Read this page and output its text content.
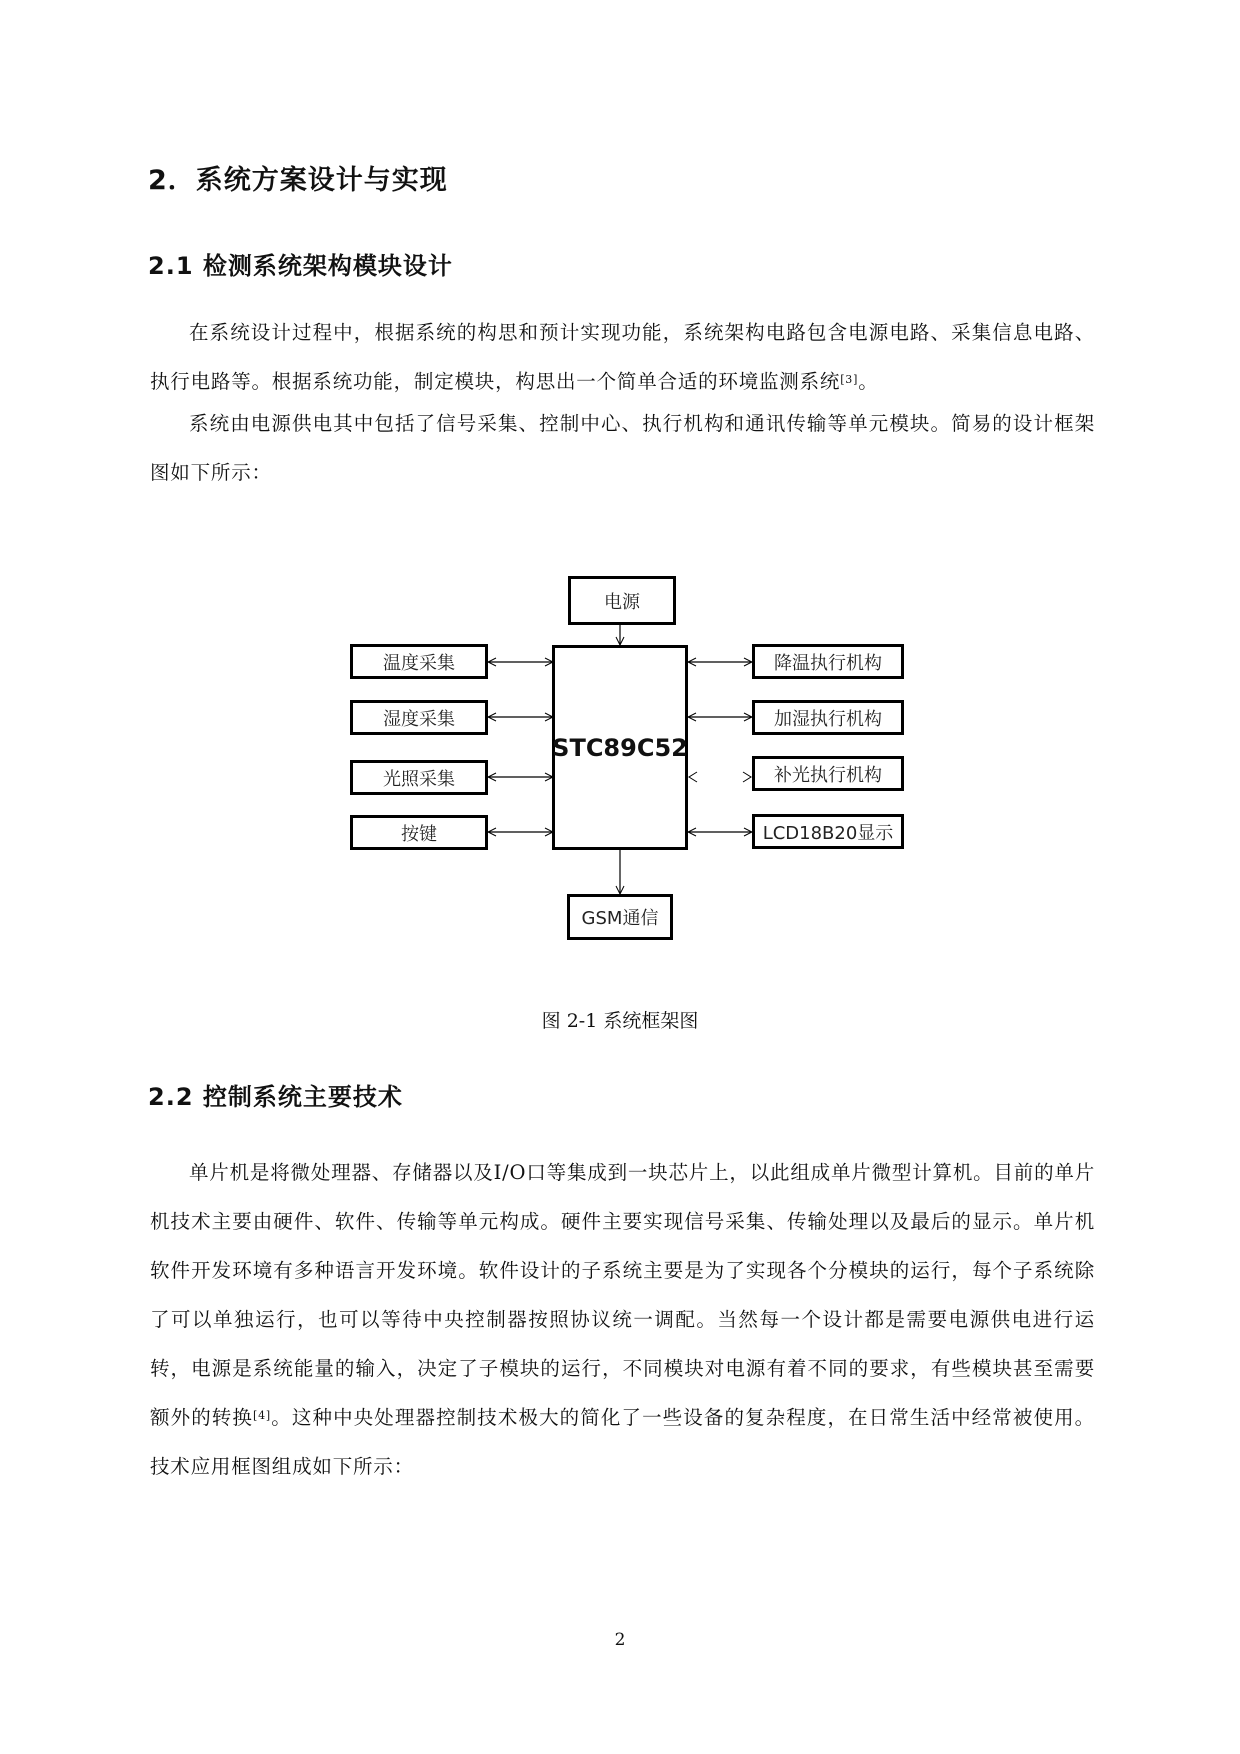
2．系统方案设计与实现
2.1 检测系统架构模块设计

在系统设计过程中，根据系统的构思和预计实现功能，系统架构电路包含电源电路、采集信息电路、执行电路等。根据系统功能，制定模块，构思出一个简单合适的环境监测系统[3]。

系统由电源供电其中包括了信号采集、控制中心、执行机构和通讯传输等单元模块。简易的设计框架图如下所示：

电源
STC89C52
GSM通信
温度采集
湿度采集
光照采集
按键
降温执行机构
加湿执行机构
补光执行机构
LCD18B20显示
图 2-1 系统框架图
2.2 控制系统主要技术

单片机是将微处理器、存储器以及I/O口等集成到一块芯片上，以此组成单片微型计算机。目前的单片机技术主要由硬件、软件、传输等单元构成。硬件主要实现信号采集、传输处理以及最后的显示。单片机软件开发环境有多种语言开发环境。软件设计的子系统主要是为了实现各个分模块的运行，每个子系统除了可以单独运行，也可以等待中央控制器按照协议统一调配。当然每一个设计都是需要电源供电进行运转，电源是系统能量的输入，决定了子模块的运行，不同模块对电源有着不同的要求，有些模块甚至需要额外的转换[4]。这种中央处理器控制技术极大的简化了一些设备的复杂程度，在日常生活中经常被使用。技术应用框图组成如下所示：

2
